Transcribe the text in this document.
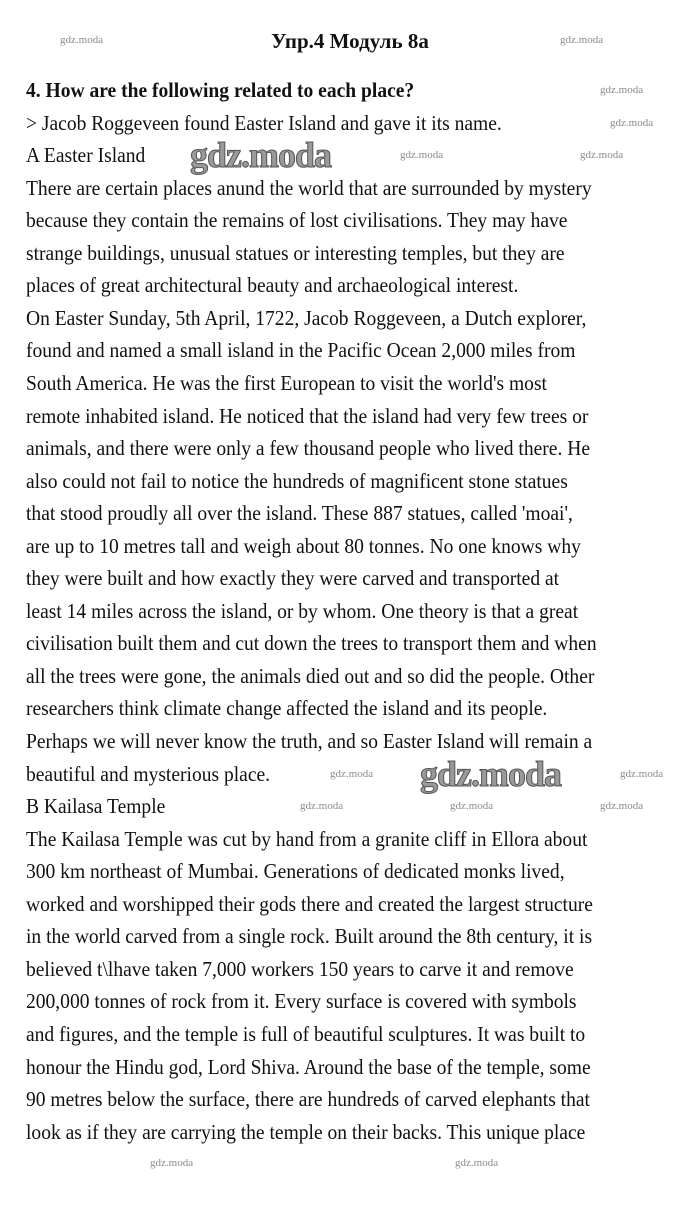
Упр.4 Модуль 8а
4. How are the following related to each place?
> Jacob Roggeveen found Easter Island and gave it its name.
A Easter Island
There are certain places anund the world that are surrounded by mystery
because they contain the remains of lost civilisations. They may have
strange buildings, unusual statues or interesting temples, but they are
places of great architectural beauty and archaeological interest.
On Easter Sunday, 5th April, 1722, Jacob Roggeveen, a Dutch explorer,
found and named a small island in the Pacific Ocean 2,000 miles from
South America. He was the first European to visit the world's most
remote inhabited island. He noticed that the island had very few trees or
animals, and there were only a few thousand people who lived there. He
also could not fail to notice the hundreds of magnificent stone statues
that stood proudly all over the island. These 887 statues, called 'moai',
are up to 10 metres tall and weigh about 80 tonnes. No one knows why
they were built and how exactly they were carved and transported at
least 14 miles across the island, or by whom. One theory is that a great
civilisation built them and cut down the trees to transport them and when
all the trees were gone, the animals died out and so did the people. Other
researchers think climate change affected the island and its people.
Perhaps we will never know the truth, and so Easter Island will remain a
beautiful and mysterious place.
B Kailasa Temple
The Kailasa Temple was cut by hand from a granite cliff in Ellora about
300 km northeast of Mumbai. Generations of dedicated monks lived,
worked and worshipped their gods there and created the largest structure
in the world carved from a single rock. Built around the 8th century, it is
believed t\lhave taken 7,000 workers 150 years to carve it and remove
200,000 tonnes of rock from it. Every surface is covered with symbols
and figures, and the temple is full of beautiful sculptures. It was built to
honour the Hindu god, Lord Shiva. Around the base of the temple, some
90 metres below the surface, there are hundreds of carved elephants that
look as if they are carrying the temple on their backs. This unique place
gdz.moda	gdz.moda
gdz.moda
gdz.moda
gdz.moda	gdz.moda
gdz.moda	gdz.moda
gdz.moda	gdz.moda	gdz.moda
gdz.moda	gdz.moda
gdz.moda
gdz.moda
